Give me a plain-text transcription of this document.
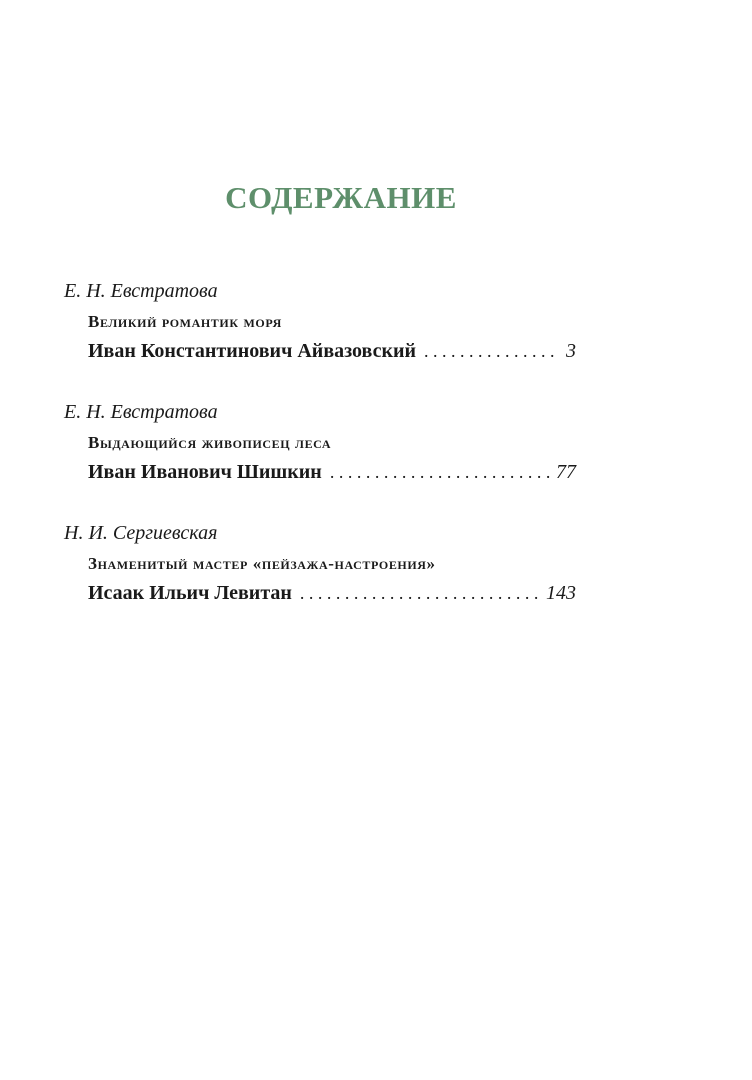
СОДЕРЖАНИЕ
Е. Н. Евстратова
Великий романтик моря
Иван Константинович Айвазовский . . .	3
Е. Н. Евстратова
Выдающийся живописец леса
Иван Иванович Шишкин . . .	77
Н. И. Сергиевская
Знаменитый мастер «пейзажа-настроения»
Исаак Ильич Левитан . . .	143
